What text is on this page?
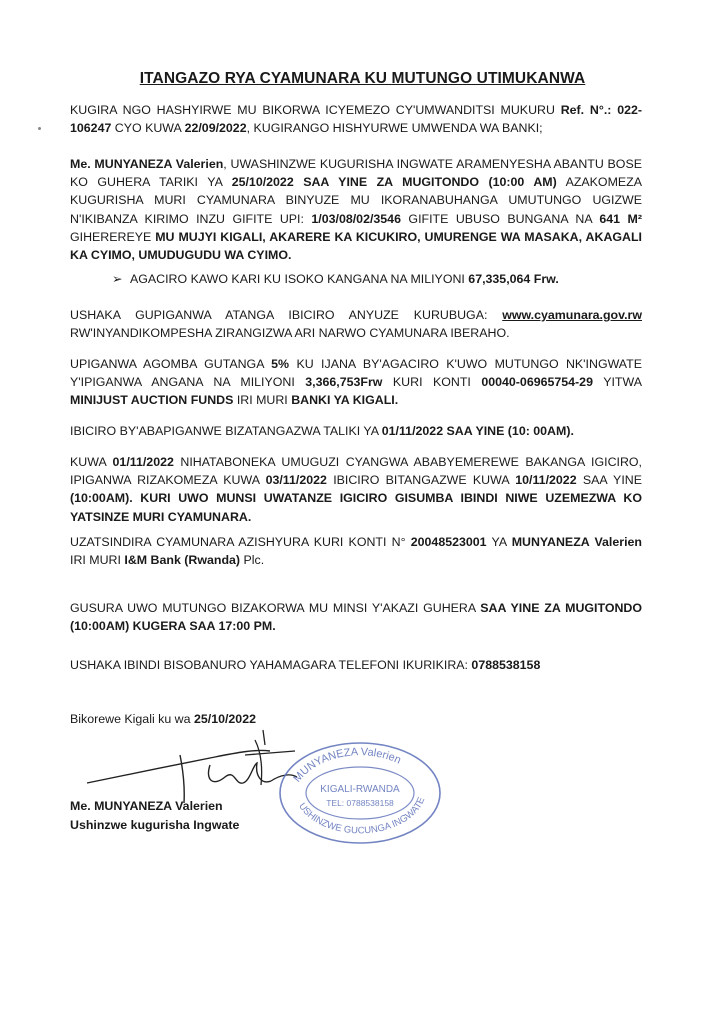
ITANGAZO RYA CYAMUNARA KU MUTUNGO UTIMUKANWA
KUGIRA NGO HASHYIRWE MU BIKORWA ICYEMEZO CY'UMWANDITSI MUKURU Ref. N°.: 022-106247 CYO KUWA 22/09/2022, KUGIRANGO HISHYURWE UMWENDA WA BANKI;
Me. MUNYANEZA Valerien, UWASHINZWE KUGURISHA INGWATE ARAMENYESHA ABANTU BOSE KO GUHERA TARIKI YA 25/10/2022 SAA YINE ZA MUGITONDO (10:00 AM) AZAKOMEZA KUGURISHA MURI CYAMUNARA BINYUZE MU IKORANABUHANGA UMUTUNGO UGIZWE N'IKIBANZA KIRIMO INZU GIFITE UPI: 1/03/08/02/3546 GIFITE UBUSO BUNGANA NA 641 M² GIHEREREYE MU MUJYI KIGALI, AKARERE KA KICUKIRO, UMURENGE WA MASAKA, AKAGALI KA CYIMO, UMUDUGUDU WA CYIMO.
➢ AGACIRO KAWO KARI KU ISOKO KANGANA NA MILIYONI 67,335,064 Frw.
USHAKA GUPIGANWA ATANGA IBICIRO ANYUZE KURUBUGA: www.cyamunara.gov.rw RW'INYANDIKOMPESHA ZIRANGIZWA ARI NARWO CYAMUNARA IBERAHO.
UPIGANWA AGOMBA GUTANGA 5% KU IJANA BY'AGACIRO K'UWO MUTUNGO NK'INGWATE Y'IPIGANWA ANGANA NA MILIYONI 3,366,753Frw KURI KONTI 00040-06965754-29 YITWA MINIJUST AUCTION FUNDS IRI MURI BANKI YA KIGALI.
IBICIRO BY'ABAPIGANWE BIZATANGAZWA TALIKI YA 01/11/2022 SAA YINE (10: 00AM).
KUWA 01/11/2022 NIHATABONEKA UMUGUZI CYANGWA ABABYEMEREWE BAKANGA IGICIRO, IPIGANWA RIZAKOMEZA KUWA 03/11/2022 IBICIRO BITANGAZWE KUWA 10/11/2022 SAA YINE (10:00AM). KURI UWO MUNSI UWATANZE IGICIRO GISUMBA IBINDI NIWE UZEMEZWA KO YATSINZE MURI CYAMUNARA.
UZATSINDIRA CYAMUNARA AZISHYURA KURI KONTI N° 20048523001 YA MUNYANEZA Valerien IRI MURI I&M Bank (Rwanda) Plc.
GUSURA UWO MUTUNGO BIZAKORWA MU MINSI Y'AKAZI GUHERA SAA YINE ZA MUGITONDO (10:00AM) KUGERA SAA 17:00 PM.
USHAKA IBINDI BISOBANURO YAHAMAGARA TELEFONI IKURIKIRA: 0788538158
Bikorewe Kigali ku wa 25/10/2022
MUNYANEZA Valerien
KIGALI-RWANDA
TEL: 0788538158
USHINZWE GUCUNGA INGWATE
Me. MUNYANEZA Valerien
Ushinzwe kugurisha Ingwate
